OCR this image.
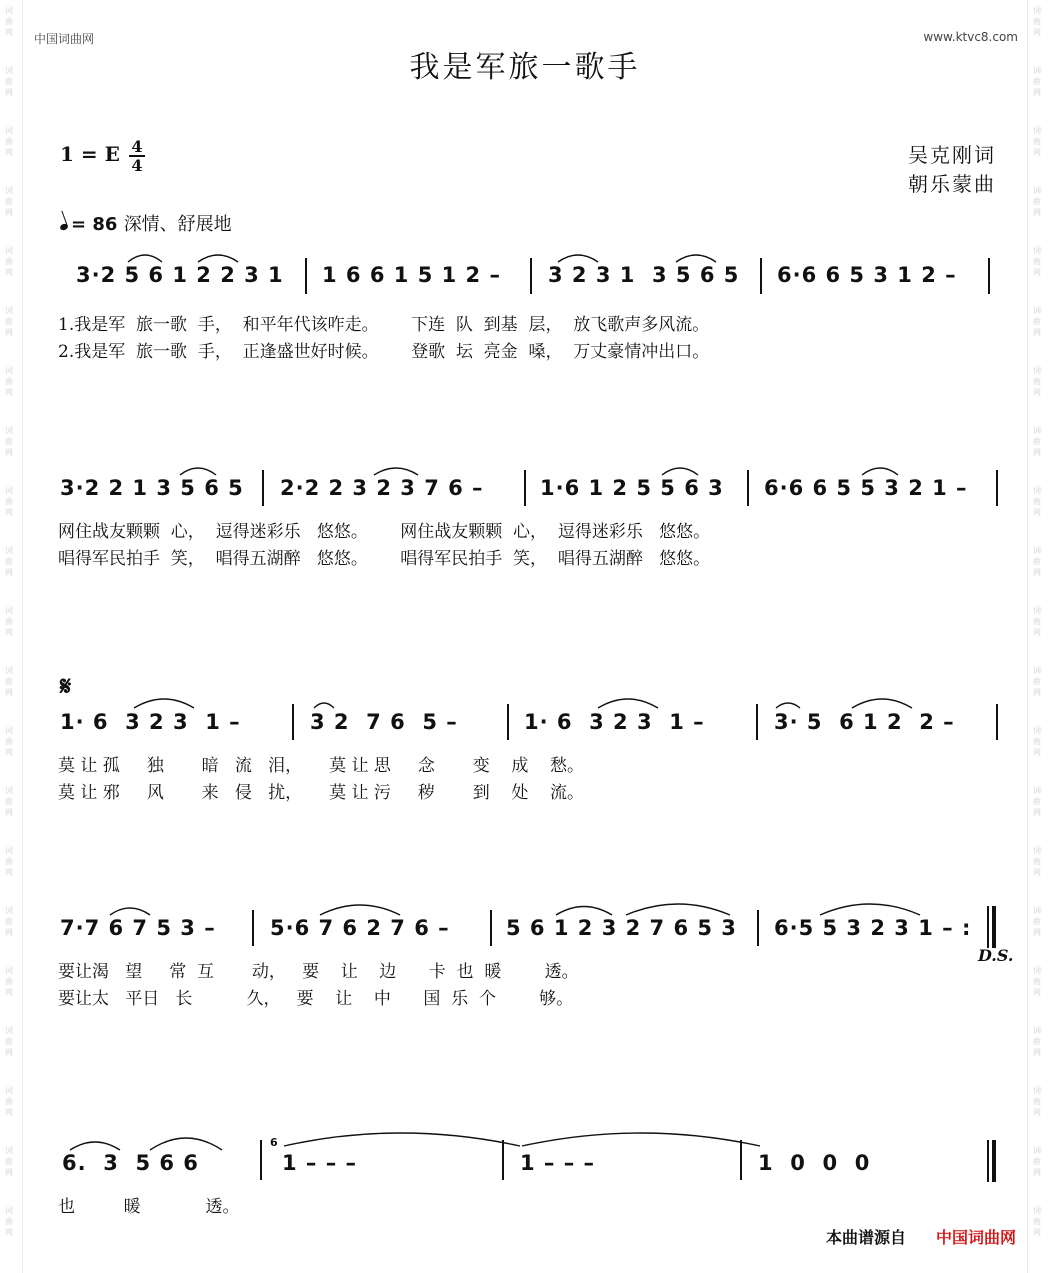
词
曲
网
词
曲
网
词
曲
网
词
曲
网
词
曲
网
词
曲
网
词
曲
网
词
曲
网
词
曲
网
词
曲
网
词
曲
网
词
曲
网
词
曲
网
词
曲
网
词
曲
网
词
曲
网
词
曲
网
词
曲
网
词
曲
网
词
曲
网
词
曲
网
词
曲
网
词
曲
网
词
曲
网
词
曲
网
词
曲
网
词
曲
网
词
曲
网
词
曲
网
词
曲
网
词
曲
网
词
曲
网
词
曲
网
词
曲
网
词
曲
网
词
曲
网
词
曲
网
词
曲
网
词
曲
网
词
曲
网
词
曲
网
词
曲
网
中国词曲网	www.ktvc8.com
我是军旅一歌手
1 = E 4
4	吴克刚词
朝乐蒙曲
= 86 深情、舒展地
3·2 5 6 1 2 2 3 1 1 6 6 1 5 1 2 – 3 2 3 1  3 5 6 5 6·6 6 5 3 1 2 –
1.我是军  旅一歌  手，  和平年代该咋走。      下连  队  到基  层，  放飞歌声多风流。
2.我是军  旅一歌  手，  正逢盛世好时候。      登歌  坛  亮金  嗓，  万丈豪情冲出口。
3·2 2 1 3 5 6 5 2·2 2 3 2 3 7 6 –	1·6 1 2 5 5 6 3 6·6 6 5 5 3 2 1 –
网住战友颗颗  心，  逗得迷彩乐   悠悠。      网住战友颗颗  心，  逗得迷彩乐   悠悠。
唱得军民拍手  笑，  唱得五湖醉   悠悠。      唱得军民拍手  笑，  唱得五湖醉   悠悠。
𝄋
1· 6  3 2 3  1 –	3 2  7 6  5 –	1· 6  3 2 3  1 –	3· 5  6 1 2  2 –
莫 让 孤     独       暗   流   泪，     莫 让 思     念       变    成    愁。
莫 让 邪     风       来   侵   扰，     莫 让 污     秽       到    处    流。
7·7 6 7 5 3 –	5·6 7 6 2 7 6 –	5 6 1 2 3 2 7 6 5 3 6·5 5 3 2 3 1 – :
D.S.
要让渴   望     常  互       动，   要    让    边      卡  也  暖        透。
要让太   平日   长          久，   要    让    中      国  乐  个        够。
6.  3  5 6 6
6
1 – – –	1 – – –	1  0  0  0
也         暖            透。
本曲谱源自 中国词曲网
